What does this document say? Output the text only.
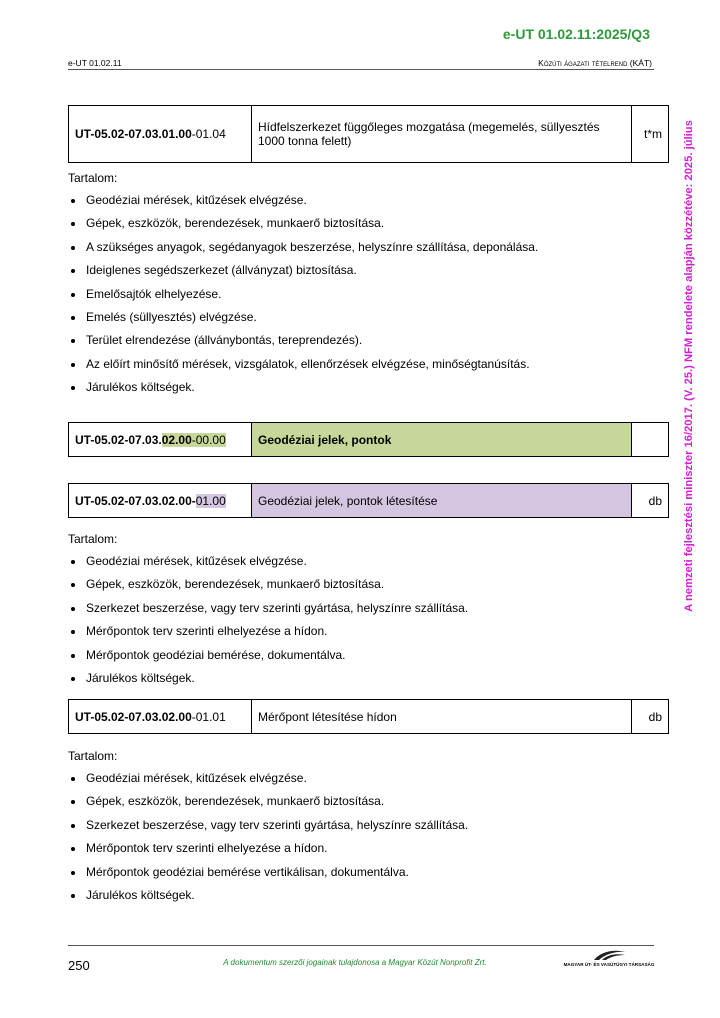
e-UT 01.02.11:2025/Q3
e-UT 01.02.11	Közúti ágazati tételrend (KÁT)
A nemzeti fejlesztési miniszter 16/2017. (V. 25.) NFM rendelete alapján közzétéve: 2025. július
UT-05.02-07.03.01.00-01.04	Hídfelszerkezet függőleges mozgatása (megemelés, süllyesztés 1000 tonna felett)	t*m
Tartalom:
Geodéziai mérések, kitűzések elvégzése.
Gépek, eszközök, berendezések, munkaerő biztosítása.
A szükséges anyagok, segédanyagok beszerzése, helyszínre szállítása, deponálása.
Ideiglenes segédszerkezet (állványzat) biztosítása.
Emelősajtók elhelyezése.
Emelés (süllyesztés) elvégzése.
Terület elrendezése (állványbontás, tereprendezés).
Az előírt minősítő mérések, vizsgálatok, ellenőrzések elvégzése, minőségtanúsítás.
Járulékos költségek.
UT-05.02-07.03.02.00-00.00	Geodéziai jelek, pontok	
UT-05.02-07.03.02.00-01.00	Geodéziai jelek, pontok létesítése	db
Tartalom:
Geodéziai mérések, kitűzések elvégzése.
Gépek, eszközök, berendezések, munkaerő biztosítása.
Szerkezet beszerzése, vagy terv szerinti gyártása, helyszínre szállítása.
Mérőpontok terv szerinti elhelyezése a hídon.
Mérőpontok geodéziai bemérése, dokumentálva.
Járulékos költségek.
UT-05.02-07.03.02.00-01.01	Mérőpont létesítése hídon	db
Tartalom:
Geodéziai mérések, kitűzések elvégzése.
Gépek, eszközök, berendezések, munkaerő biztosítása.
Szerkezet beszerzése, vagy terv szerinti gyártása, helyszínre szállítása.
Mérőpontok terv szerinti elhelyezése a hídon.
Mérőpontok geodéziai bemérése vertikálisan, dokumentálva.
Járulékos költségek.
250	A dokumentum szerzői jogainak tulajdonosa a Magyar Közút Nonprofit Zrt.	MAGYAR ÚT- ÉS VASÚTÜGYI TÁRSASÁG
